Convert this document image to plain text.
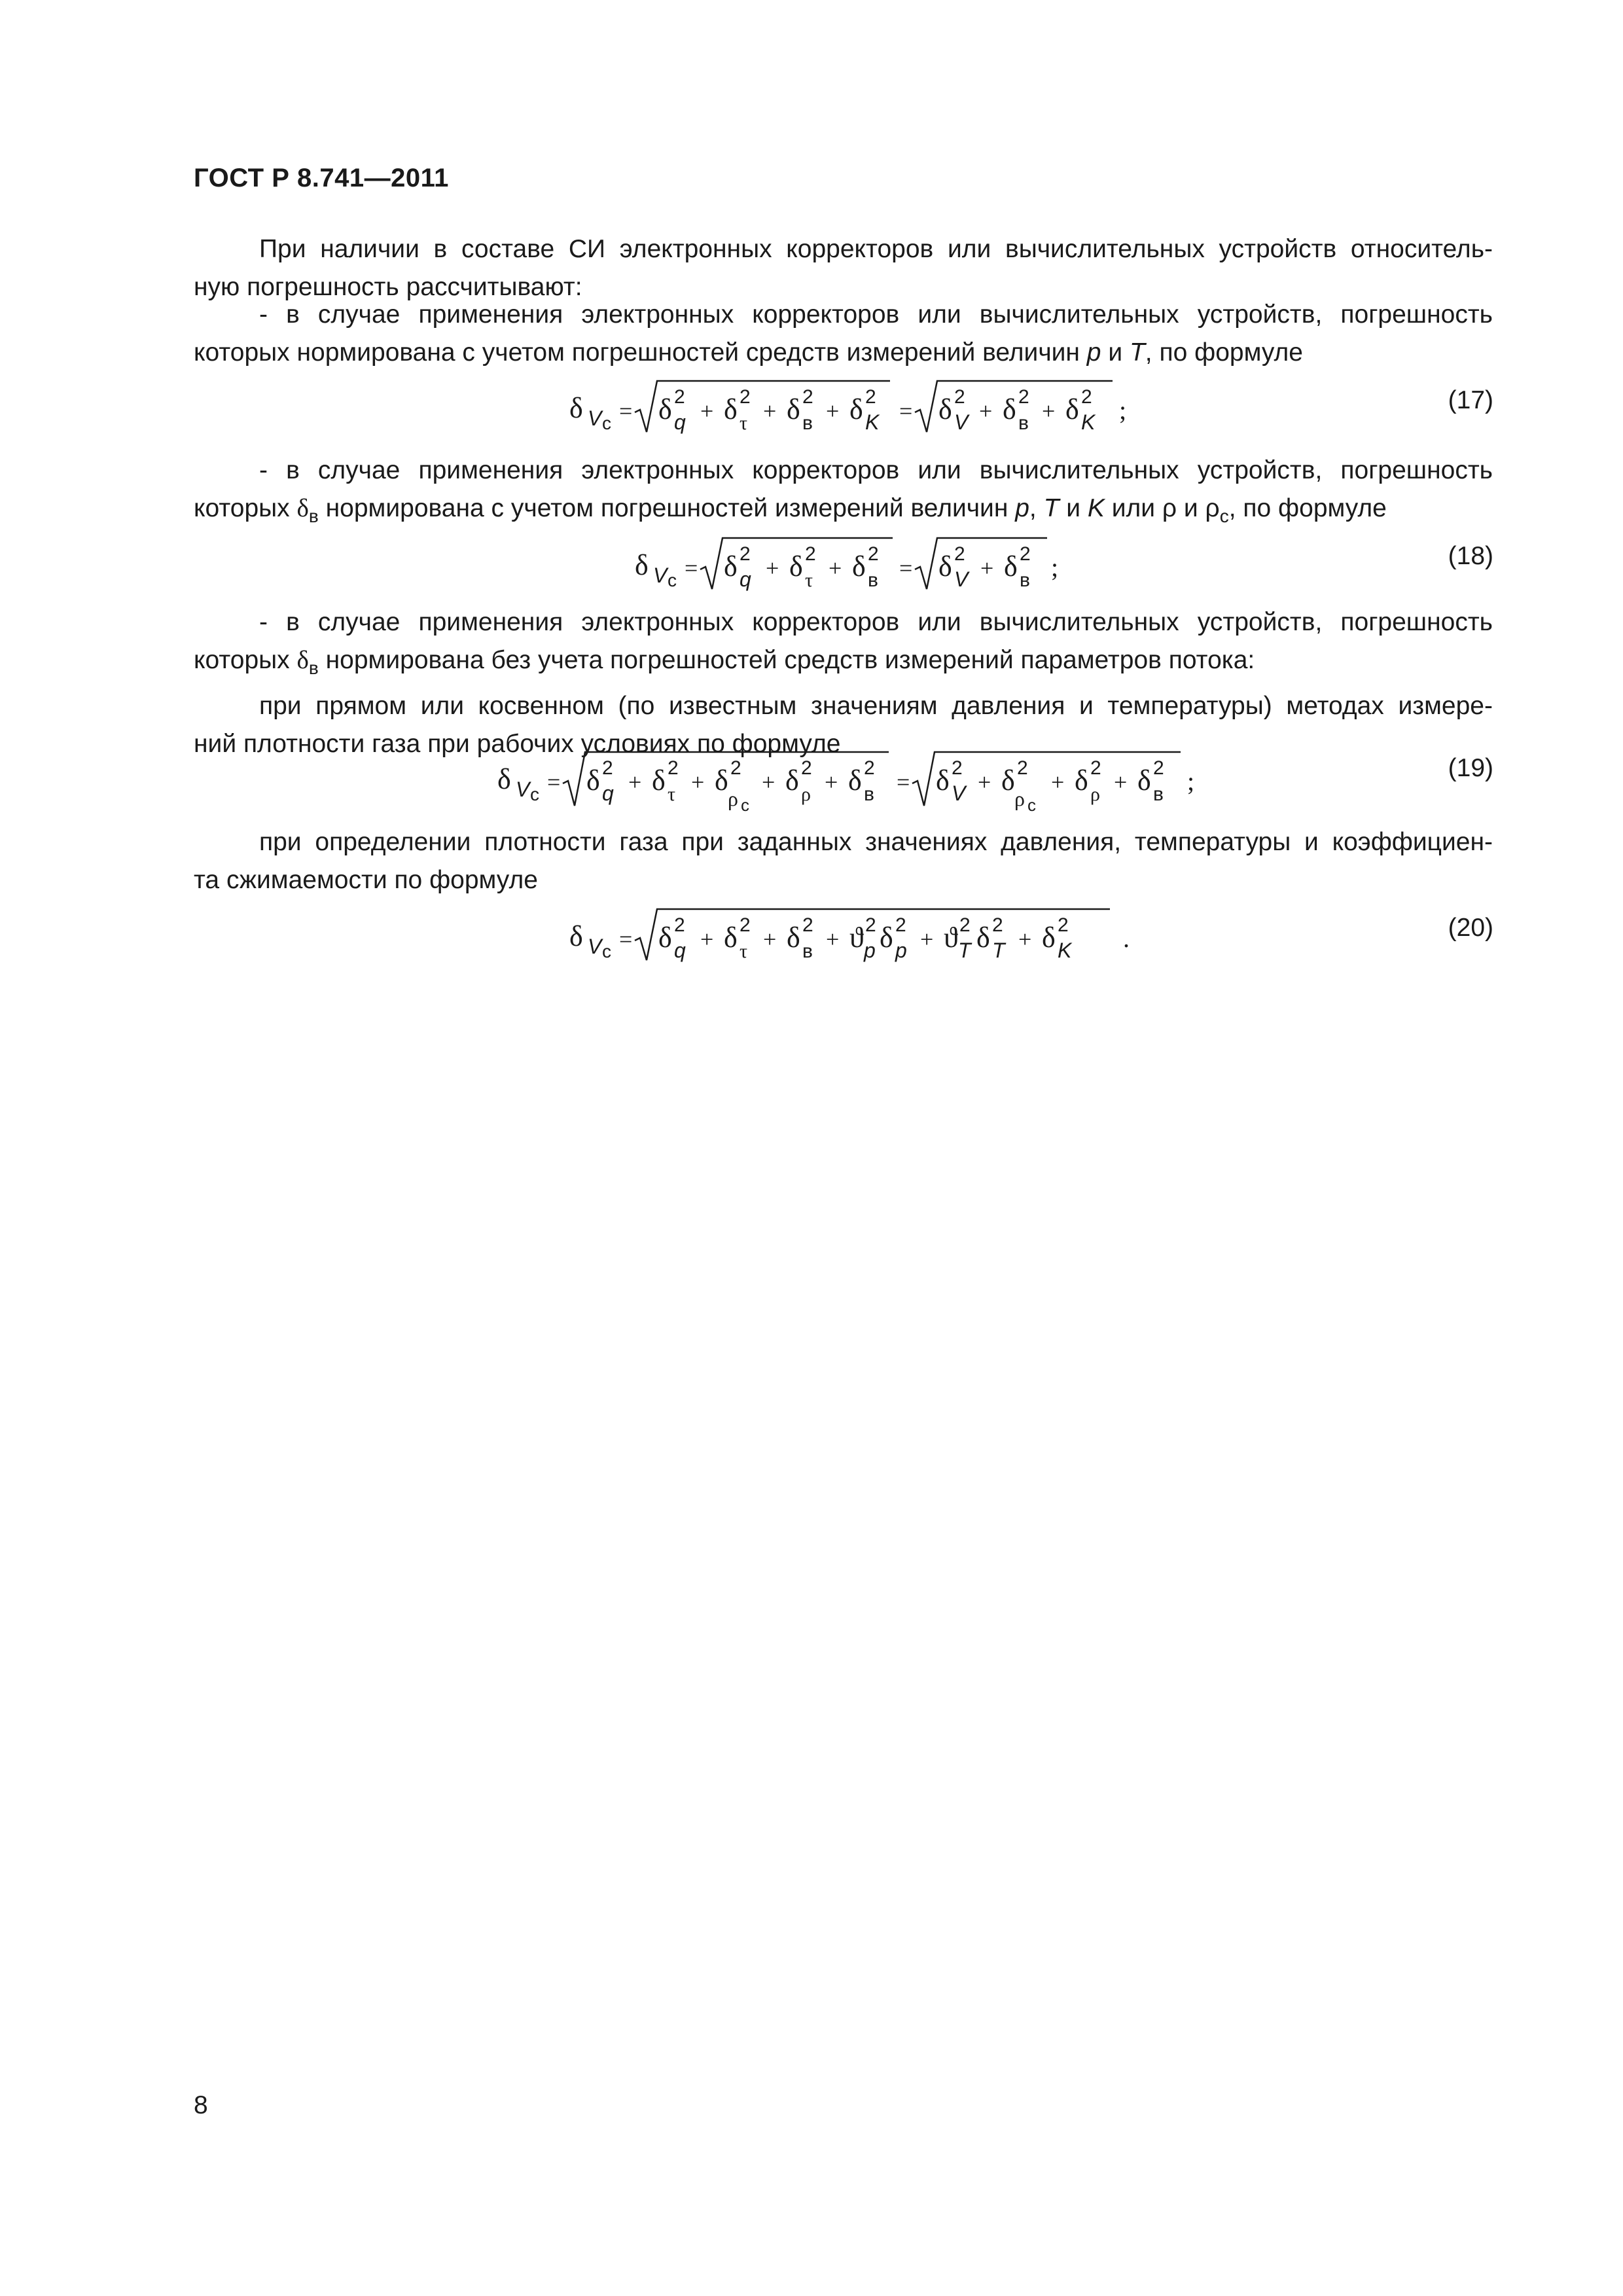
ГОСТ Р 8.741—2011
При наличии в составе СИ электронных корректоров или вычислительных устройств относитель-
ную погрешность рассчитывают:
- в случае применения электронных корректоров или вычислительных устройств, погрешность
которых нормирована с учетом погрешностей средств измерений величин p и T, по формуле
δ V c = δ 2
q + δ 2
τ + δ 2
в + δ 2
K = δ 2
V + δ 2
в + δ 2
K ;	(17)
- в случае применения электронных корректоров или вычислительных устройств, погрешность
которых $\delta_в$ нормирована с учетом погрешностей измерений величин p, T и K или ρ и $\rho_c$, по формуле
δ V c = δ 2
q + δ 2
τ + δ 2
в = δ 2
V + δ 2
в ;	(18)
- в случае применения электронных корректоров или вычислительных устройств, погрешность
которых $\delta_в$ нормирована без учета погрешностей средств измерений параметров потока:
при прямом или косвенном (по известным значениям давления и температуры) методах измере-
ний плотности газа при рабочих условиях по формуле
δ V c = δ 2
q + δ 2
τ + δ 2
ρ c
+ δ 2
ρ + δ 2
в = δ 2
V + δ 2
ρ c
+ δ 2
ρ + δ 2
в ;	(19)
при определении плотности газа при заданных значениях давления, температуры и коэффициен-
та сжимаемости по формуле
δ V c = δ 2
q + δ 2
τ + δ 2
в + ϑ 2
p δ 2
p + ϑ 2
T δ 2
T + δ 2
K .	(20)
8
